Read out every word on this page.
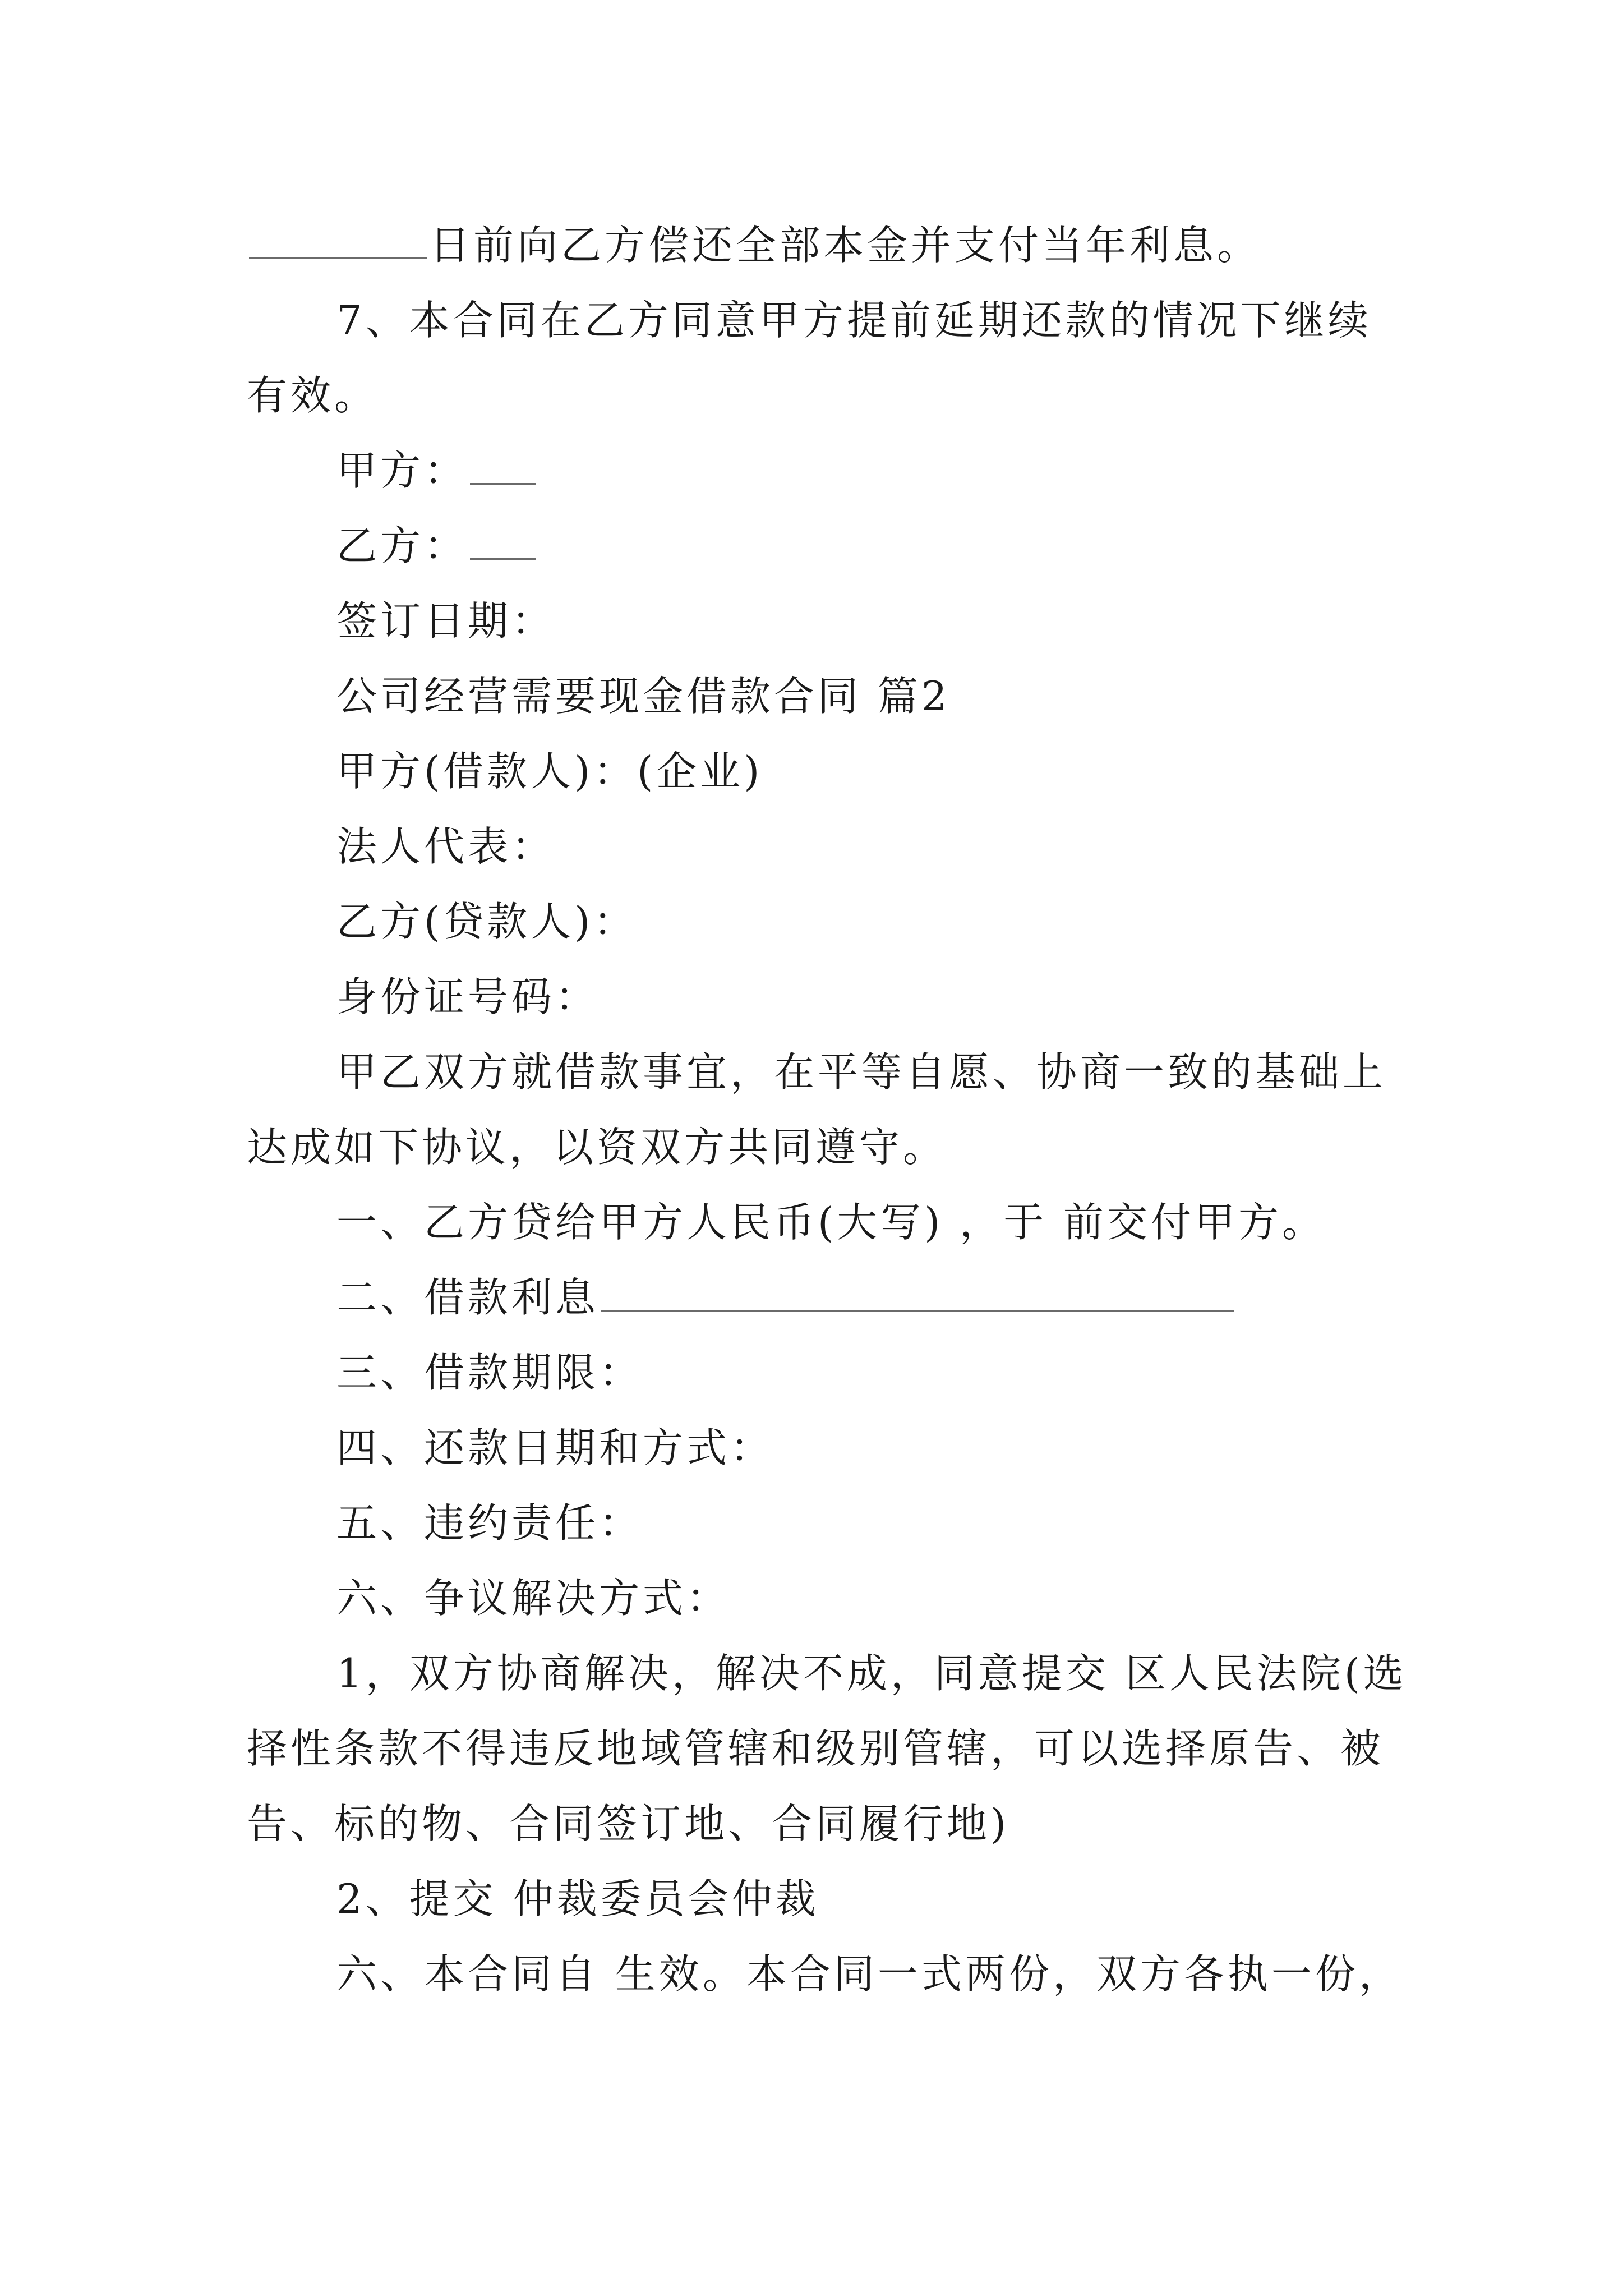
日前向乙方偿还全部本金并支付当年利息。
7、本合同在乙方同意甲方提前延期还款的情况下继续
有效。
甲方：
乙方：
签订日期：
公司经营需要现金借款合同 篇2
甲方(借款人)：(企业)
法人代表：
乙方(贷款人)：
身份证号码：
甲乙双方就借款事宜，在平等自愿、协商一致的基础上
达成如下协议，以资双方共同遵守。
一、乙方贷给甲方人民币(大写) ，于 前交付甲方。
二、借款利息
三、借款期限：
四、还款日期和方式：
五、违约责任：
六、争议解决方式：
1，双方协商解决，解决不成，同意提交 区人民法院(选
择性条款不得违反地域管辖和级别管辖，可以选择原告、被
告、标的物、合同签订地、合同履行地)
2、提交 仲裁委员会仲裁
六、本合同自 生效。本合同一式两份，双方各执一份，
